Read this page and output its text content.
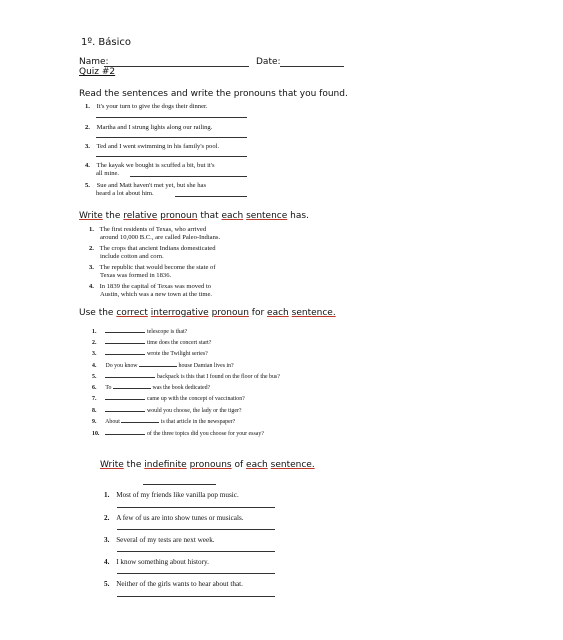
1º. Básico
Name:	Date:
Quiz #2
Read the sentences and write the pronouns that you found.
1. It's your turn to give the dogs their dinner.
2. Martha and I strung lights along our railing.
3. Ted and I went swimming in his family's pool.
4. The kayak we bought is scuffed a bit, but it's
all mine.
5. Sue and Matt haven't met yet, but she has
heard a lot about him.
Write the relative pronoun that each sentence has.
1. The first residents of Texas, who arrived
around 10,000 B.C., are called Paleo-Indians.
2. The crops that ancient Indians domesticated
include cotton and corn.
3. The republic that would become the state of
Texas was formed in 1836.
4. In 1839 the capital of Texas was moved to
Austin, which was a new town at the time.
Use the correct interrogative pronoun for each sentence.
1.	telescope is that?
2.	time does the concert start?
3.	wrote the Twilight series?
4. Do you know	house Damian lives in?
5.	backpack is this that I found on the floor of the bus?
6. To	was the book dedicated?
7.	came up with the concept of vaccination?
8.	would you choose, the lady or the tiger?
9. About	is that article in the newspaper?
10.	of the three topics did you choose for your essay?
Write the indefinite pronouns of each sentence.
1. Most of my friends like vanilla pop music.
2. A few of us are into show tunes or musicals.
3. Several of my tests are next week.
4. I know something about history.
5. Neither of the girls wants to hear about that.
